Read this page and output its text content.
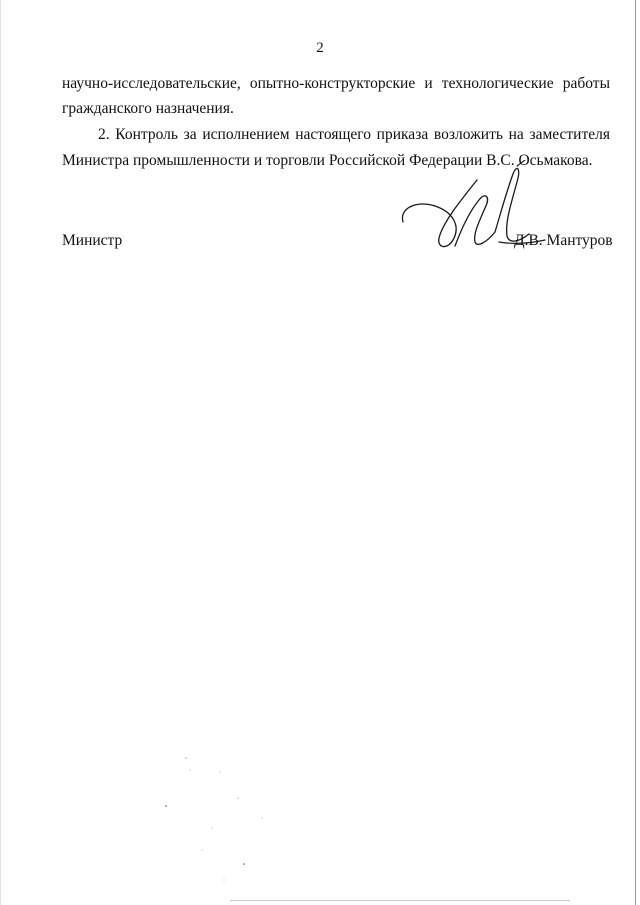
2
научно-исследовательские, опытно-конструкторские и технологические работы
гражданского назначения.
2. Контроль за исполнением настоящего приказа возложить на заместителя
Министра промышленности и торговли Российской Федерации В.С. Осьмакова.
Министр	Д.В. Мантуров
